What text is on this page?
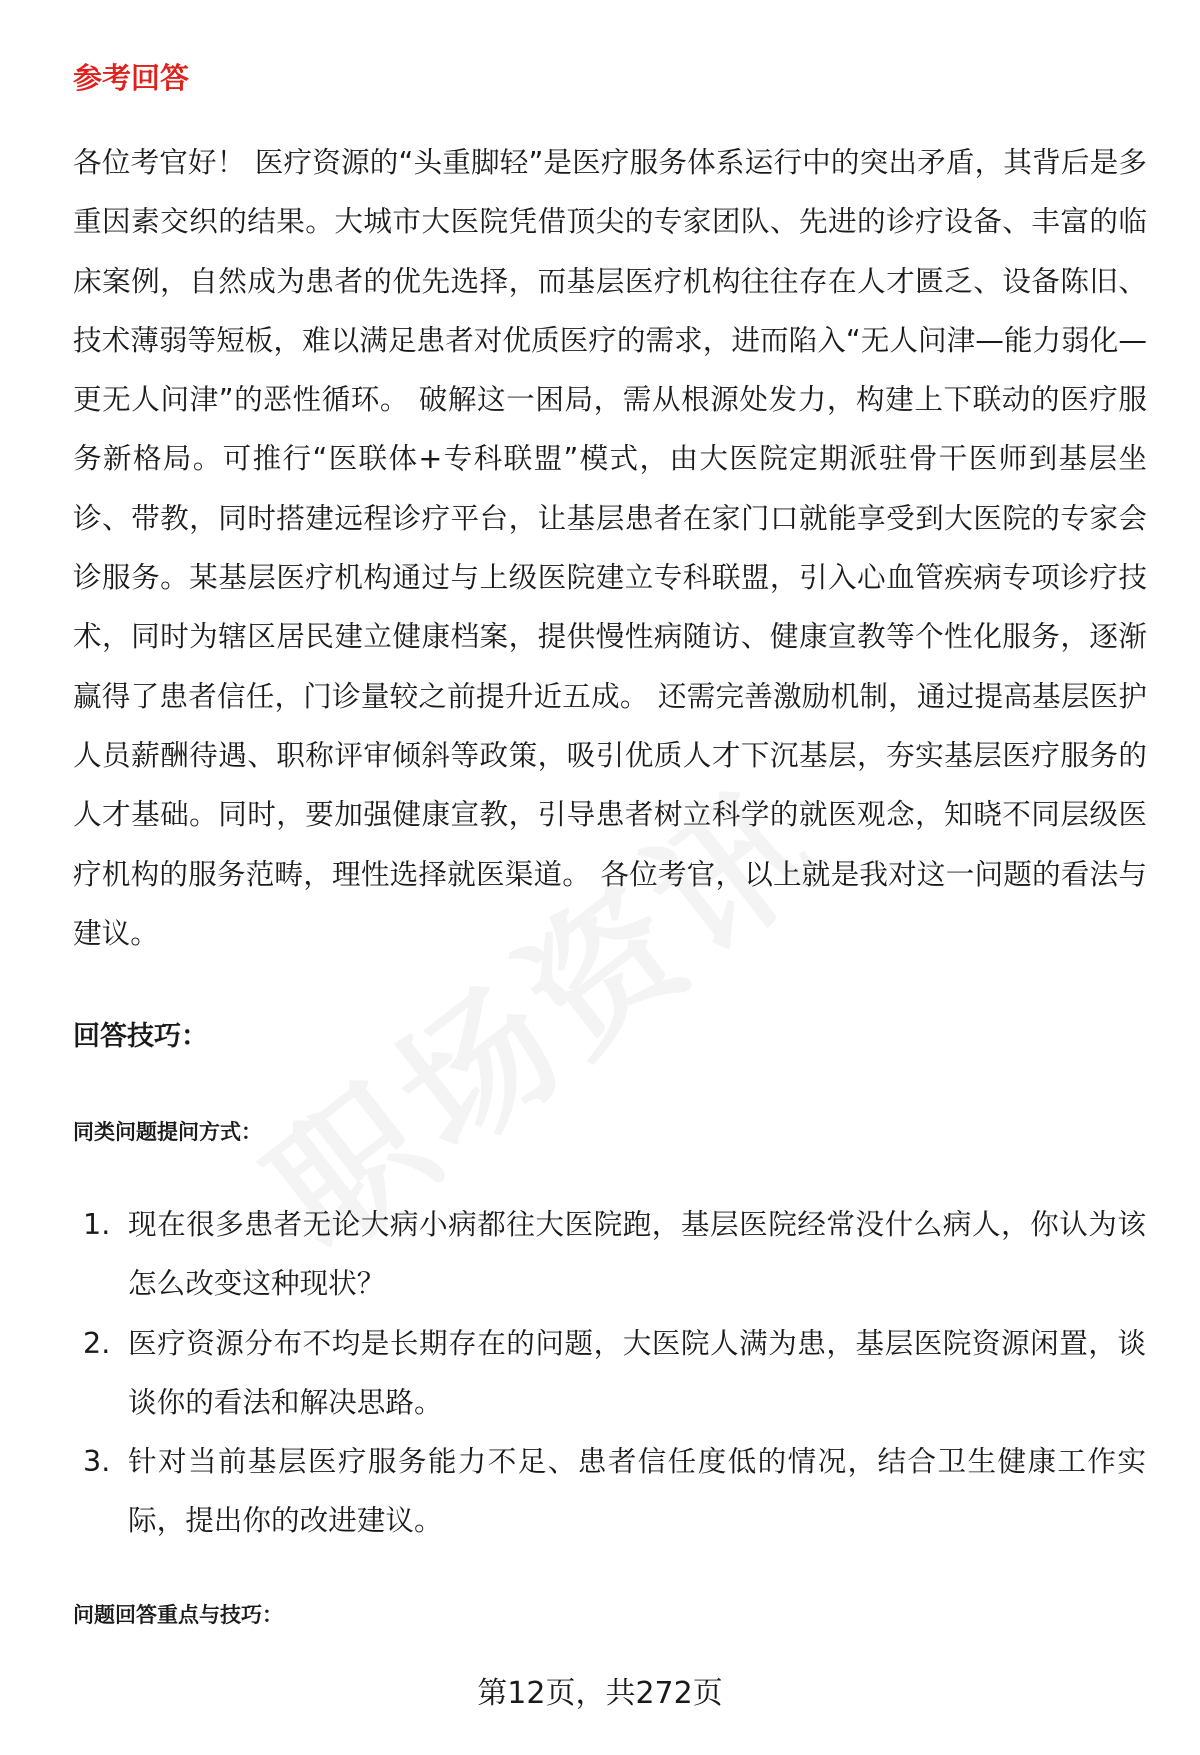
参考回答

各位考官好！ 医疗资源的“头重脚轻”是医疗服务体系运行中的突出矛盾，其背后是多重因素交织的结果。大城市大医院凭借顶尖的专家团队、先进的诊疗设备、丰富的临床案例，自然成为患者的优先选择，而基层医疗机构往往存在人才匮乏、设备陈旧、技术薄弱等短板，难以满足患者对优质医疗的需求，进而陷入“无人问津—能力弱化—更无人问津”的恶性循环。 破解这一困局，需从根源处发力，构建上下联动的医疗服务新格局。可推行“医联体+专科联盟”模式，由大医院定期派驻骨干医师到基层坐诊、带教，同时搭建远程诊疗平台，让基层患者在家门口就能享受到大医院的专家会诊服务。某基层医疗机构通过与上级医院建立专科联盟，引入心血管疾病专项诊疗技术，同时为辖区居民建立健康档案，提供慢性病随访、健康宣教等个性化服务，逐渐赢得了患者信任，门诊量较之前提升近五成。 还需完善激励机制，通过提高基层医护人员薪酬待遇、职称评审倾斜等政策，吸引优质人才下沉基层，夯实基层医疗服务的人才基础。同时，要加强健康宣教，引导患者树立科学的就医观念，知晓不同层级医疗机构的服务范畴，理性选择就医渠道。 各位考官，以上就是我对这一问题的看法与建议。

回答技巧：
同类问题提问方式：
1. 现在很多患者无论大病小病都往大医院跑，基层医院经常没什么病人，你认为该怎么改变这种现状？
2. 医疗资源分布不均是长期存在的问题，大医院人满为患，基层医院资源闲置，谈谈你的看法和解决思路。
3. 针对当前基层医疗服务能力不足、患者信任度低的情况，结合卫生健康工作实际，提出你的改进建议。
问题回答重点与技巧：
第12页，共272页
